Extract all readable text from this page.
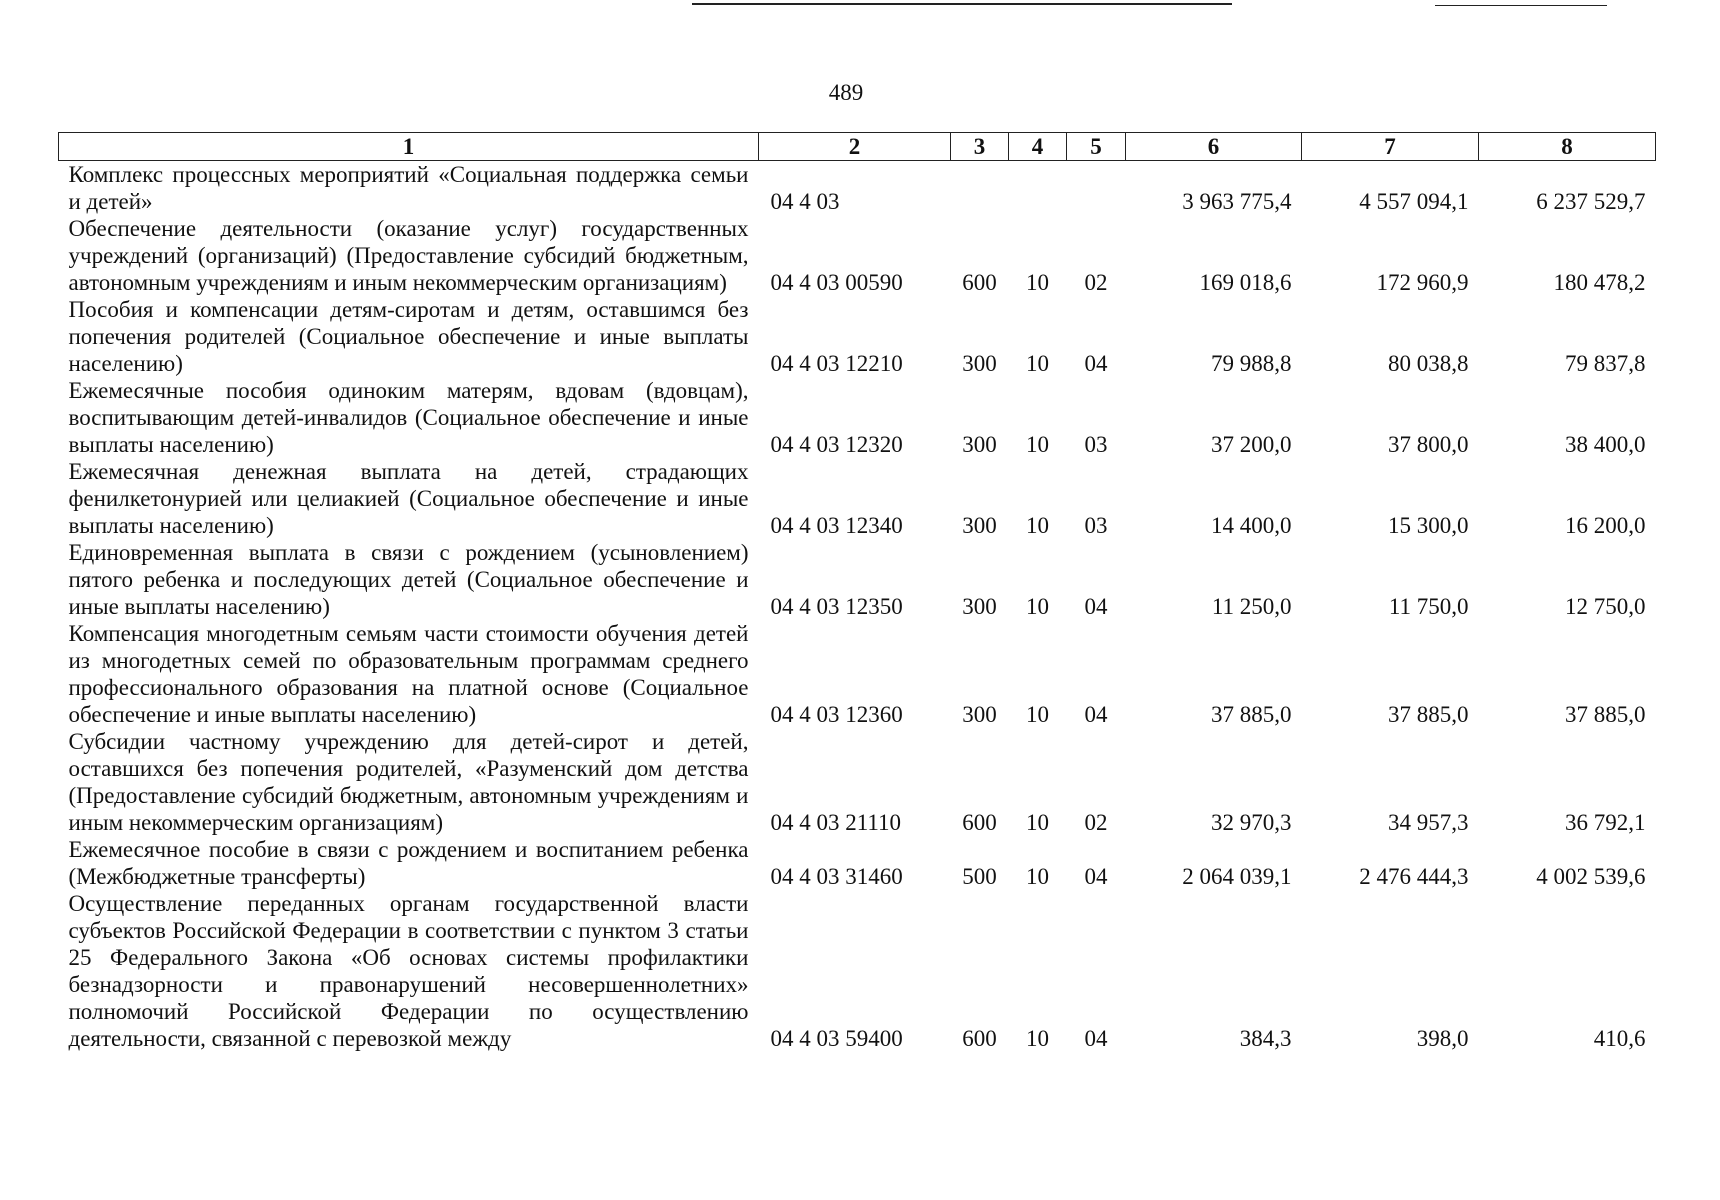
489
1	2	3	4	5	6	7	8
Комплекс процессных мероприятий «Социальная поддержка семьи и детей»	04 4 03				3 963 775,4	4 557 094,1	6 237 529,7
Обеспечение деятельности (оказание услуг) государственных учреждений (организаций) (Предоставление субсидий бюджетным, автономным учреждениям и иным некоммерческим организациям)	04 4 03 00590	600	10	02	169 018,6	172 960,9	180 478,2
Пособия и компенсации детям-сиротам и детям, оставшимся без попечения родителей (Социальное обеспечение и иные выплаты населению)	04 4 03 12210	300	10	04	79 988,8	80 038,8	79 837,8
Ежемесячные пособия одиноким матерям, вдовам (вдовцам), воспитывающим детей-инвалидов (Социальное обеспечение и иные выплаты населению)	04 4 03 12320	300	10	03	37 200,0	37 800,0	38 400,0
Ежемесячная денежная выплата на детей, страдающих фенилкетонурией или целиакией (Социальное обеспечение и иные выплаты населению)	04 4 03 12340	300	10	03	14 400,0	15 300,0	16 200,0
Единовременная выплата в связи с рождением (усыновлением) пятого ребенка и последующих детей (Социальное обеспечение и иные выплаты населению)	04 4 03 12350	300	10	04	11 250,0	11 750,0	12 750,0
Компенсация многодетным семьям части стоимости обучения детей из многодетных семей по образовательным программам среднего профессионального образования на платной основе (Социальное обеспечение и иные выплаты населению)	04 4 03 12360	300	10	04	37 885,0	37 885,0	37 885,0
Субсидии частному учреждению для детей-сирот и детей, оставшихся без попечения родителей, «Разуменский дом детства (Предоставление субсидий бюджетным, автономным учреждениям и иным некоммерческим организациям)	04 4 03 21110	600	10	02	32 970,3	34 957,3	36 792,1
Ежемесячное пособие в связи с рождением и воспитанием ребенка (Межбюджетные трансферты)	04 4 03 31460	500	10	04	2 064 039,1	2 476 444,3	4 002 539,6
Осуществление переданных органам государственной власти субъектов Российской Федерации в соответствии с пунктом 3 статьи 25 Федерального Закона «Об основах системы профилактики безнадзорности и правонарушений несовершеннолетних» полномочий Российской Федерации по осуществлению деятельности, связанной с перевозкой между	04 4 03 59400	600	10	04	384,3	398,0	410,6
